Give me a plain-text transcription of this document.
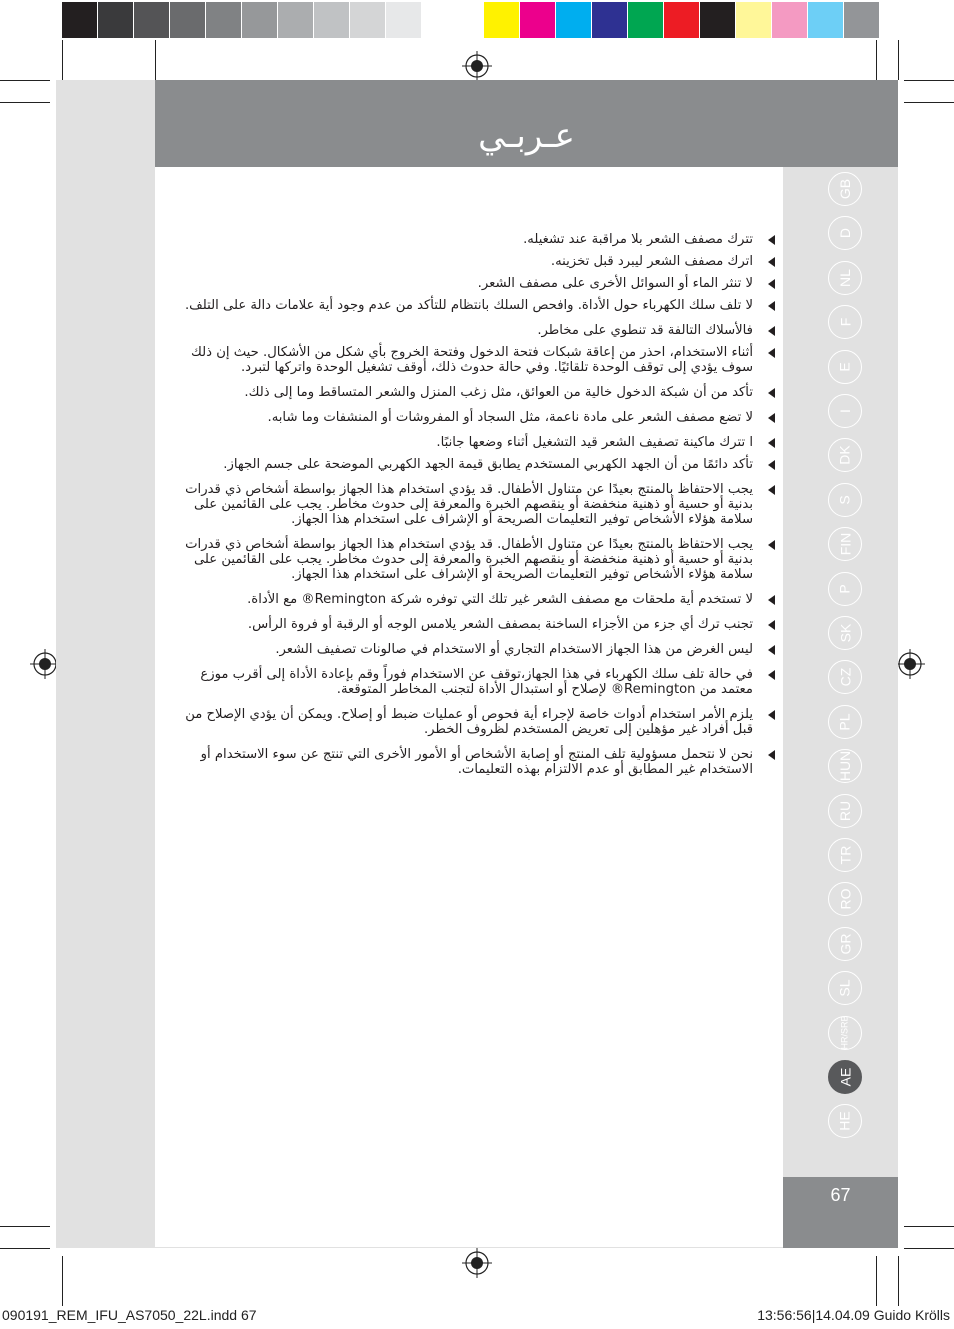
عـربـي
تترك مصفف الشعر بلا مراقبة عند تشغيله.
اترك مصفف الشعر ليبرد قبل تخزينه.
لا تنثر الماء أو السوائل الأخرى على مصفف الشعر.
لا تلف سلك الكهرباء حول الأداة. وافحص السلك بانتظام للتأكد من عدم وجود أية علامات دالة على التلف.
فالأسلاك التالفة قد تنطوي على مخاطر.
أثناء الاستخدام، احذر من إعاقة شبكات فتحة الدخول وفتحة الخروج بأي شكل من الأشكال. حيث إن ذلك سوف يؤدي إلى توقف الوحدة تلقائيًا. وفي حالة حدوث ذلك، أوقف تشغيل الوحدة واتركها لتبرد.
تأكد من أن شبكة الدخول خالية من العوائق، مثل زغب المنزل والشعر المتساقط وما إلى ذلك.
لا تضع مصفف الشعر على مادة ناعمة، مثل السجاد أو المفروشات أو المنشفات وما شابه.
ا تترك ماكينة تصفيف الشعر قيد التشغيل أثناء وضعها جانبًا.
تأكد دائمًا من أن الجهد الكهربي المستخدم يطابق قيمة الجهد الكهربي الموضحة على جسم الجهاز.
يجب الاحتفاظ بالمنتج بعيدًا عن متناول الأطفال. قد يؤدي استخدام هذا الجهاز بواسطة أشخاص ذي قدرات بدنية أو حسية أو ذهنية منخفضة أو ينقصهم الخبرة والمعرفة إلى حدوث مخاطر. يجب على القائمين على سلامة هؤلاء الأشخاص توفير التعليمات الصريحة أو الإشراف على استخدام هذا الجهاز.
يجب الاحتفاظ بالمنتج بعيدًا عن متناول الأطفال. قد يؤدي استخدام هذا الجهاز بواسطة أشخاص ذي قدرات بدنية أو حسية أو ذهنية منخفضة أو ينقصهم الخبرة والمعرفة إلى حدوث مخاطر. يجب على القائمين على سلامة هؤلاء الأشخاص توفير التعليمات الصريحة أو الإشراف على استخدام هذا الجهاز.
لا تستخدم أية ملحقات مع مصفف الشعر غير تلك التي توفره شركة Remington® مع الأداة.
تجنب ترك أي جزء من الأجزاء الساخنة بمصفف الشعر يلامس الوجه أو الرقبة أو فروة الرأس.
ليس الغرض من هذا الجهاز الاستخدام التجاري أو الاستخدام في صالونات تصفيف الشعر.
في حالة تلف سلك الكهرباء في هذا الجهاز،توقف عن الاستخدام فوراً وقم بإعادة الأداة إلى أقرب موزع معتمد من Remington® لإصلاح أو استبدال الأداة لتجنب المخاطر المتوقعة.
يلزم الأمر استخدام أدوات خاصة لإجراء أية فحوص أو عمليات ضبط أو إصلاح. ويمكن أن يؤدي الإصلاح من قبل أفراد غير مؤهلين إلى تعريض المستخدم لظروف الخطر.
نحن لا نتحمل مسؤولية تلف المنتج أو إصابة الأشخاص أو الأمور الأخرى التي تنتج عن سوء الاستخدام أو الاستخدام غير المطابق أو عدم الالتزام بهذه التعليمات.
GB
D
NL
F
E
I
DK
S
FIN
P
SK
CZ
PL
HUN
RU
TR
RO
GR
SL
HR/SRB
AE
HE
67
090191_REM_IFU_AS7050_22L.indd 67	13:56:56|14.04.09 Guido Krölls
